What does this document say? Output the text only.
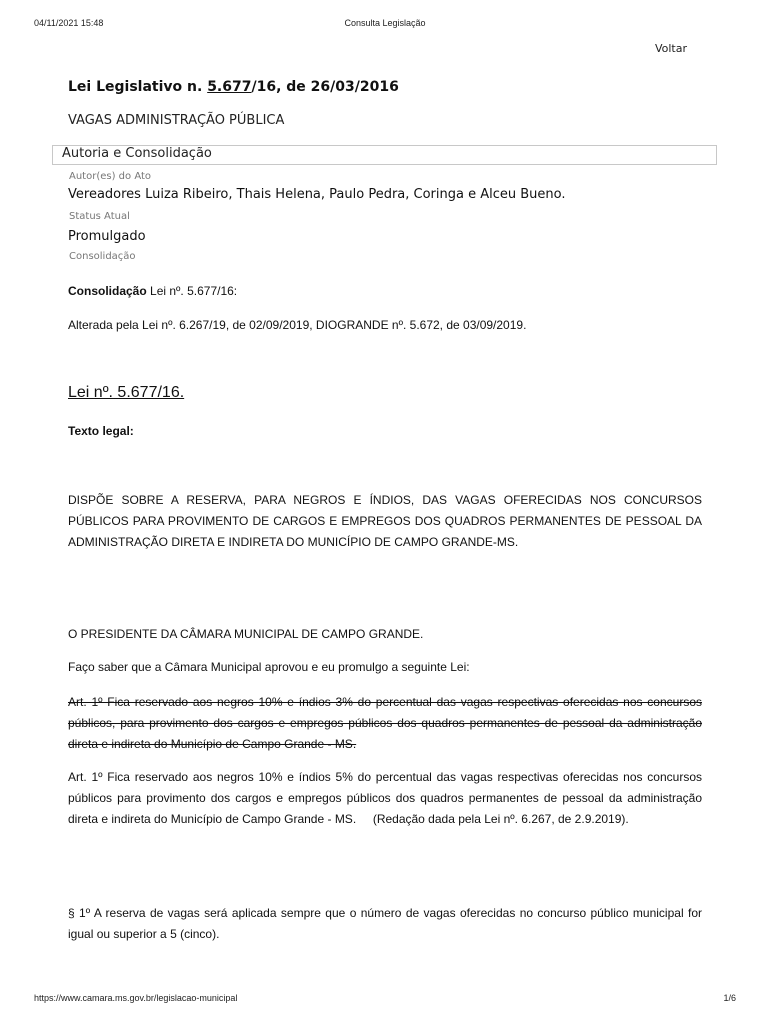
04/11/2021 15:48	Consulta Legislação
Voltar
Lei Legislativo n. 5.677/16, de 26/03/2016
VAGAS ADMINISTRAÇÃO PÚBLICA
Autoria e Consolidação
Autor(es) do Ato
Vereadores Luiza Ribeiro, Thais Helena, Paulo Pedra, Coringa e Alceu Bueno.
Status Atual
Promulgado
Consolidação
Consolidação Lei nº. 5.677/16:
Alterada pela Lei nº. 6.267/19, de 02/09/2019, DIOGRANDE nº. 5.672, de 03/09/2019.
Lei nº. 5.677/16.
Texto legal:
DISPÕE SOBRE A RESERVA, PARA NEGROS E ÍNDIOS, DAS VAGAS OFERECIDAS NOS CONCURSOS PÚBLICOS PARA PROVIMENTO DE CARGOS E EMPREGOS DOS QUADROS PERMANENTES DE PESSOAL DA ADMINISTRAÇÃO DIRETA E INDIRETA DO MUNICÍPIO DE CAMPO GRANDE-MS.
O PRESIDENTE DA CÂMARA MUNICIPAL DE CAMPO GRANDE.
Faço saber que a Câmara Municipal aprovou e eu promulgo a seguinte Lei:
Art. 1º Fica reservado aos negros 10% e índios 3% do percentual das vagas respectivas oferecidas nos concursos públicos, para provimento dos cargos e empregos públicos dos quadros permanentes de pessoal da administração direta e indireta do Município de Campo Grande - MS.
Art. 1º Fica reservado aos negros 10% e índios 5% do percentual das vagas respectivas oferecidas nos concursos públicos para provimento dos cargos e empregos públicos dos quadros permanentes de pessoal da administração direta e indireta do Município de Campo Grande - MS.     (Redação dada pela Lei nº. 6.267, de 2.9.2019).
§ 1º A reserva de vagas será aplicada sempre que o número de vagas oferecidas no concurso público municipal for igual ou superior a 5 (cinco).
https://www.camara.ms.gov.br/legislacao-municipal	1/6
